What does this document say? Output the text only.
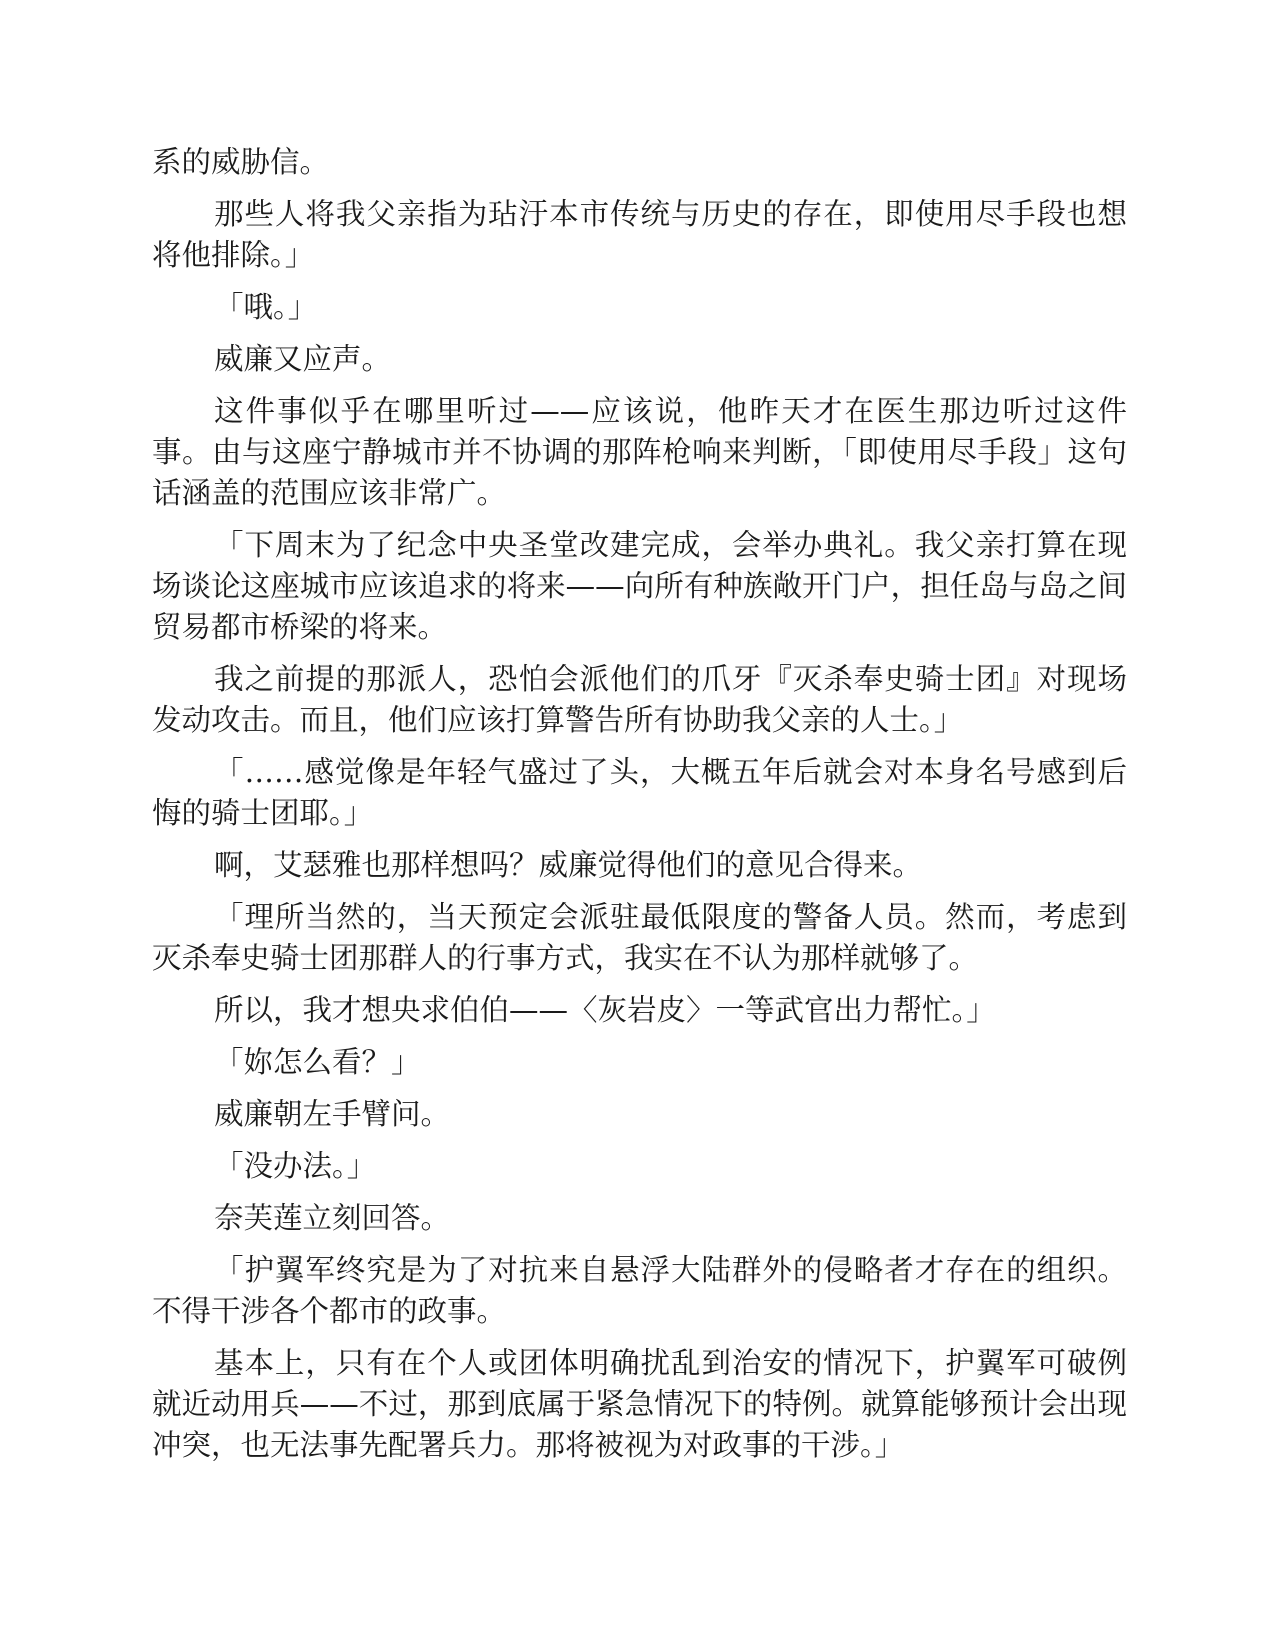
系的威胁信。

那些人将我父亲指为玷汙本市传统与历史的存在，即使用尽手段也想将他排除。」

「哦。」

威廉又应声。

这件事似乎在哪里听过——应该说，他昨天才在医生那边听过这件事。由与这座宁静城市并不协调的那阵枪响来判断，「即使用尽手段」这句话涵盖的范围应该非常广。

「下周末为了纪念中央圣堂改建完成，会举办典礼。我父亲打算在现场谈论这座城市应该追求的将来——向所有种族敞开门户，担任岛与岛之间贸易都市桥梁的将来。

我之前提的那派人，恐怕会派他们的爪牙『灭杀奉史骑士团』对现场发动攻击。而且，他们应该打算警告所有协助我父亲的人士。」

「……感觉像是年轻气盛过了头，大概五年后就会对本身名号感到后悔的骑士团耶。」

啊，艾瑟雅也那样想吗？威廉觉得他们的意见合得来。

「理所当然的，当天预定会派驻最低限度的警备人员。然而，考虑到灭杀奉史骑士团那群人的行事方式，我实在不认为那样就够了。

所以，我才想央求伯伯——〈灰岩皮〉一等武官出力帮忙。」

「妳怎么看？」

威廉朝左手臂问。

「没办法。」

奈芙莲立刻回答。

「护翼军终究是为了对抗来自悬浮大陆群外的侵略者才存在的组织。不得干涉各个都市的政事。

基本上，只有在个人或团体明确扰乱到治安的情况下，护翼军可破例就近动用兵——不过，那到底属于紧急情况下的特例。就算能够预计会出现冲突，也无法事先配署兵力。那将被视为对政事的干涉。」
